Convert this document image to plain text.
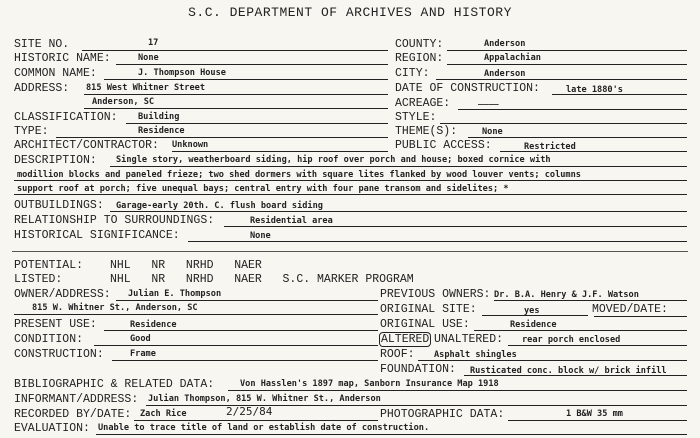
S.C. DEPARTMENT OF ARCHIVES AND HISTORY
SITE NO.	17
HISTORIC NAME:	None
COMMON NAME:	J. Thompson House
ADDRESS: 815 West Whitner Street
Anderson, SC
CLASSIFICATION: Building
TYPE:	Residence
ARCHITECT/CONTRACTOR: Unknown
COUNTY:	Anderson
REGION:	Appalachian
CITY:	Anderson
DATE OF CONSTRUCTION:	late 1880's
ACREAGE:	____
STYLE:
THEME(S):	None
PUBLIC ACCESS:	Restricted
DESCRIPTION: Single story, weatherboard siding, hip roof over porch and house; boxed cornice with
modillion blocks and paneled frieze; two shed dormers with square lites flanked by wood louver vents; columns
support roof at porch; five unequal bays; central entry with four pane transom and sidelites; *
OUTBUILDINGS: Garage-early 20th. C. flush board siding
RELATIONSHIP TO SURROUNDINGS:	Residential area
HISTORICAL SIGNIFICANCE:	None
POTENTIAL: NHL   NR   NRHD   NAER
LISTED:	NHL   NR   NRHD   NAER   S.C. MARKER PROGRAM
OWNER/ADDRESS: Julian E. Thompson
815 W. Whitner St., Anderson, SC
PREVIOUS OWNERS: Dr. B.A. Henry & J.F. Watson
ORIGINAL SITE:	yes	MOVED/DATE:
PRESENT USE:	Residence	ORIGINAL USE:	Residence
CONDITION:	Good	ALTERED UNALTERED: rear porch enclosed
CONSTRUCTION:	Frame	ROOF: Asphalt shingles
FOUNDATION: Rusticated conc. block w/ brick infill
BIBLIOGRAPHIC & RELATED DATA:	Von Hasslen's 1897 map, Sanborn Insurance Map 1918
INFORMANT/ADDRESS: Julian Thompson, 815 W. Whitner St., Anderson
RECORDED BY/DATE: Zach Rice	2/25/84	PHOTOGRAPHIC DATA:	1 B&W 35 mm
EVALUATION: Unable to trace title of land or establish date of construction.
